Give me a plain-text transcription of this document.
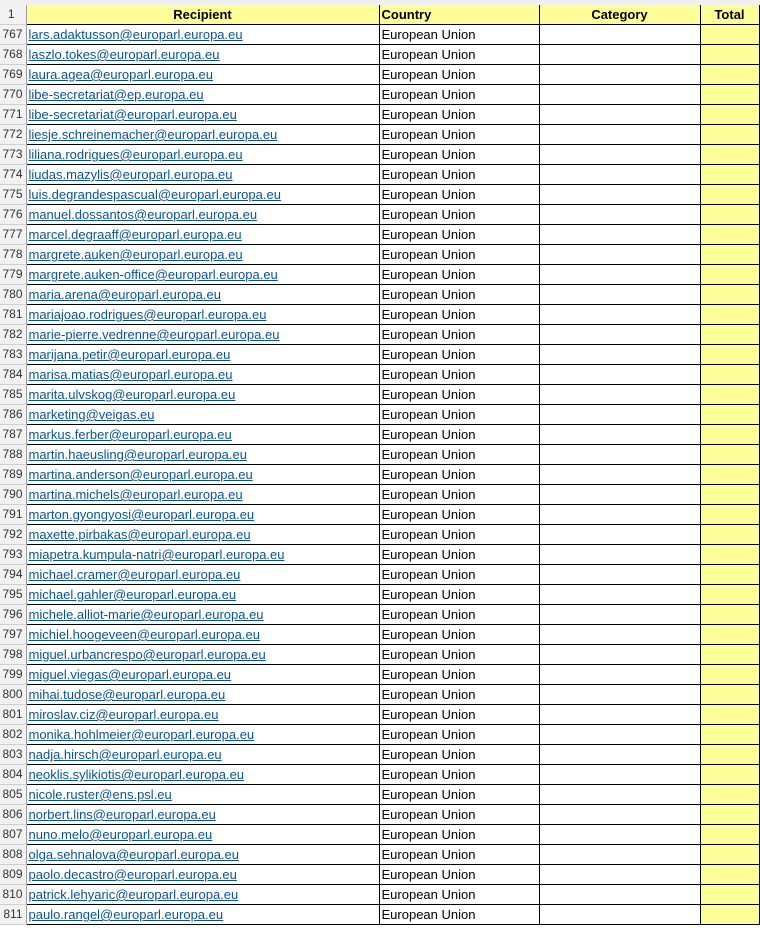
1	Recipient	Country	Category	Total
767	lars.adaktusson@europarl.europa.eu	European Union		
768	laszlo.tokes@europarl.europa.eu	European Union		
769	laura.agea@europarl.europa.eu	European Union		
770	libe-secretariat@ep.europa.eu	European Union		
771	libe-secretariat@europarl.europa.eu	European Union		
772	liesje.schreinemacher@europarl.europa.eu	European Union		
773	liliana.rodrigues@europarl.europa.eu	European Union		
774	liudas.mazylis@europarl.europa.eu	European Union		
775	luis.degrandespascual@europarl.europa.eu	European Union		
776	manuel.dossantos@europarl.europa.eu	European Union		
777	marcel.degraaff@europarl.europa.eu	European Union		
778	margrete.auken@europarl.europa.eu	European Union		
779	margrete.auken-office@europarl.europa.eu	European Union		
780	maria.arena@europarl.europa.eu	European Union		
781	mariajoao.rodrigues@europarl.europa.eu	European Union		
782	marie-pierre.vedrenne@europarl.europa.eu	European Union		
783	marijana.petir@europarl.europa.eu	European Union		
784	marisa.matias@europarl.europa.eu	European Union		
785	marita.ulvskog@europarl.europa.eu	European Union		
786	marketing@veigas.eu	European Union		
787	markus.ferber@europarl.europa.eu	European Union		
788	martin.haeusling@europarl.europa.eu	European Union		
789	martina.anderson@europarl.europa.eu	European Union		
790	martina.michels@europarl.europa.eu	European Union		
791	marton.gyongyosi@europarl.europa.eu	European Union		
792	maxette.pirbakas@europarl.europa.eu	European Union		
793	miapetra.kumpula-natri@europarl.europa.eu	European Union		
794	michael.cramer@europarl.europa.eu	European Union		
795	michael.gahler@europarl.europa.eu	European Union		
796	michele.alliot-marie@europarl.europa.eu	European Union		
797	michiel.hoogeveen@europarl.europa.eu	European Union		
798	miguel.urbancrespo@europarl.europa.eu	European Union		
799	miguel.viegas@europarl.europa.eu	European Union		
800	mihai.tudose@europarl.europa.eu	European Union		
801	miroslav.ciz@europarl.europa.eu	European Union		
802	monika.hohlmeier@europarl.europa.eu	European Union		
803	nadja.hirsch@europarl.europa.eu	European Union		
804	neoklis.sylikiotis@europarl.europa.eu	European Union		
805	nicole.ruster@ens.psl.eu	European Union		
806	norbert.lins@europarl.europa.eu	European Union		
807	nuno.melo@europarl.europa.eu	European Union		
808	olga.sehnalova@europarl.europa.eu	European Union		
809	paolo.decastro@europarl.europa.eu	European Union		
810	patrick.lehyaric@europarl.europa.eu	European Union		
811	paulo.rangel@europarl.europa.eu	European Union		
